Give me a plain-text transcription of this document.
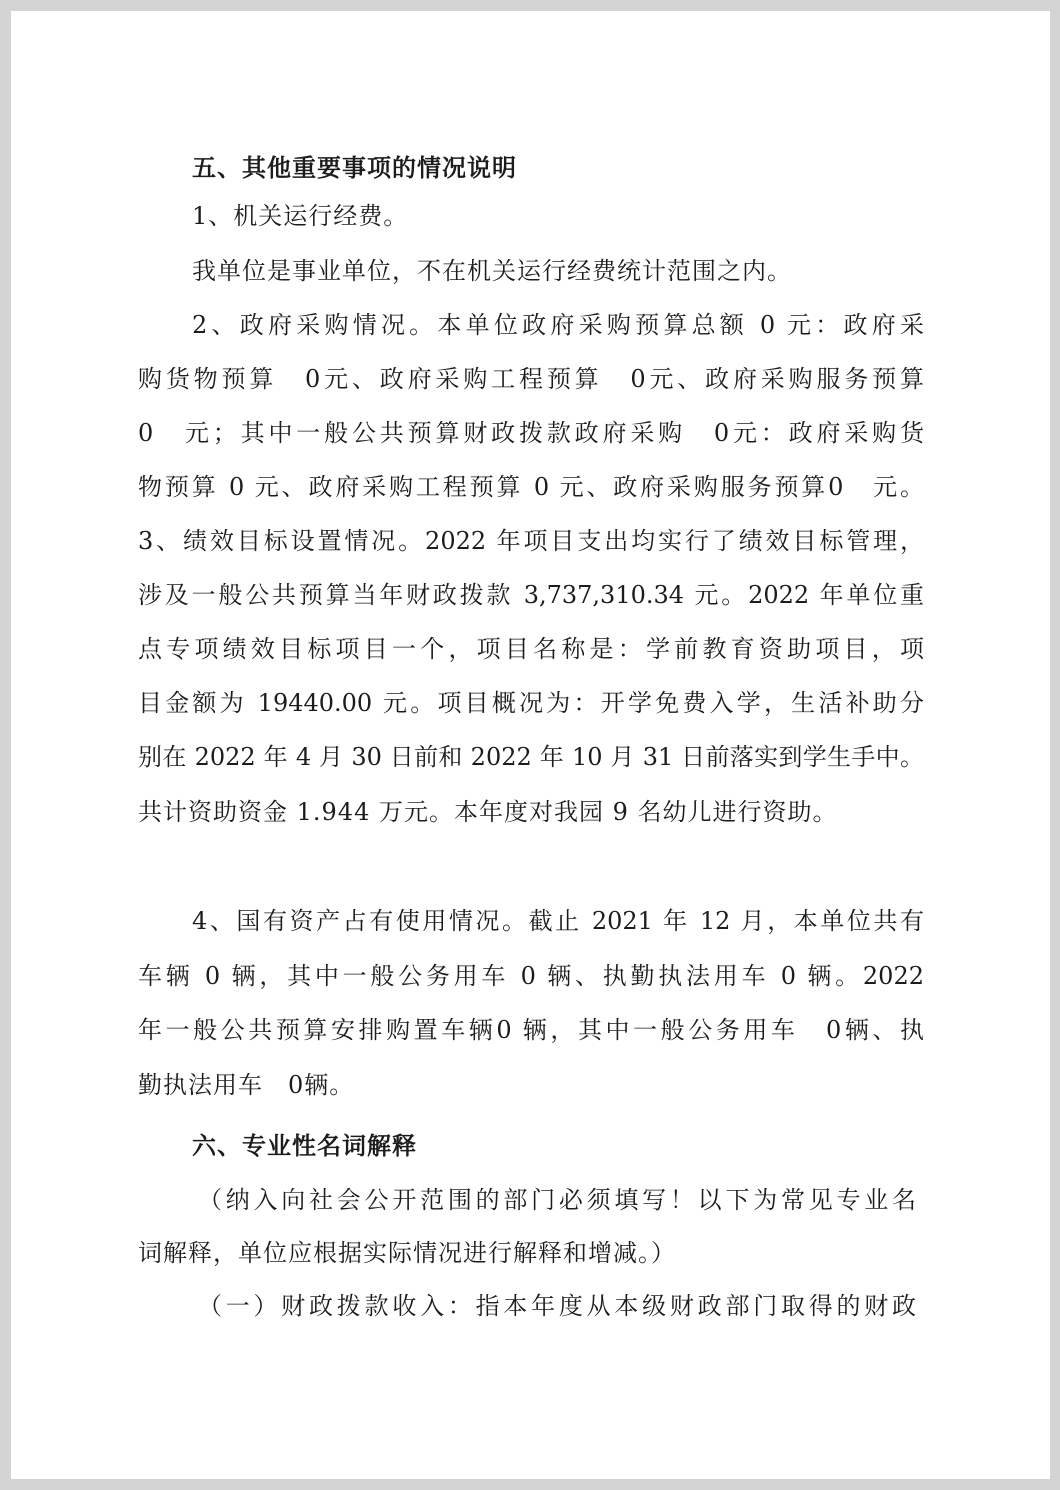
五、其他重要事项的情况说明
1、机关运行经费。
我单位是事业单位，不在机关运行经费统计范围之内。
2、政府采购情况。本单位政府采购预算总额 0 元：政府采
购货物预算　0元、政府采购工程预算　0元、政府采购服务预算
0　元；其中一般公共预算财政拨款政府采购　0元：政府采购货
物预算 0 元、政府采购工程预算 0 元、政府采购服务预算0　元。
3、绩效目标设置情况。2022 年项目支出均实行了绩效目标管理，
涉及一般公共预算当年财政拨款 3,737,310.34 元。2022 年单位重
点专项绩效目标项目一个，项目名称是：学前教育资助项目，项
目金额为 19440.00 元。项目概况为：开学免费入学，生活补助分
别在 2022 年 4 月 30 日前和 2022 年 10 月 31 日前落实到学生手中。
共计资助资金 1.944 万元。本年度对我园 9 名幼儿进行资助。
4、国有资产占有使用情况。截止 2021 年 12 月，本单位共有
车辆 0 辆，其中一般公务用车 0 辆、执勤执法用车 0 辆。2022
年一般公共预算安排购置车辆0 辆，其中一般公务用车　0辆、执
勤执法用车　0辆。
六、专业性名词解释
（纳入向社会公开范围的部门必须填写！以下为常见专业名
词解释，单位应根据实际情况进行解释和增减。）
（一）财政拨款收入：指本年度从本级财政部门取得的财政
